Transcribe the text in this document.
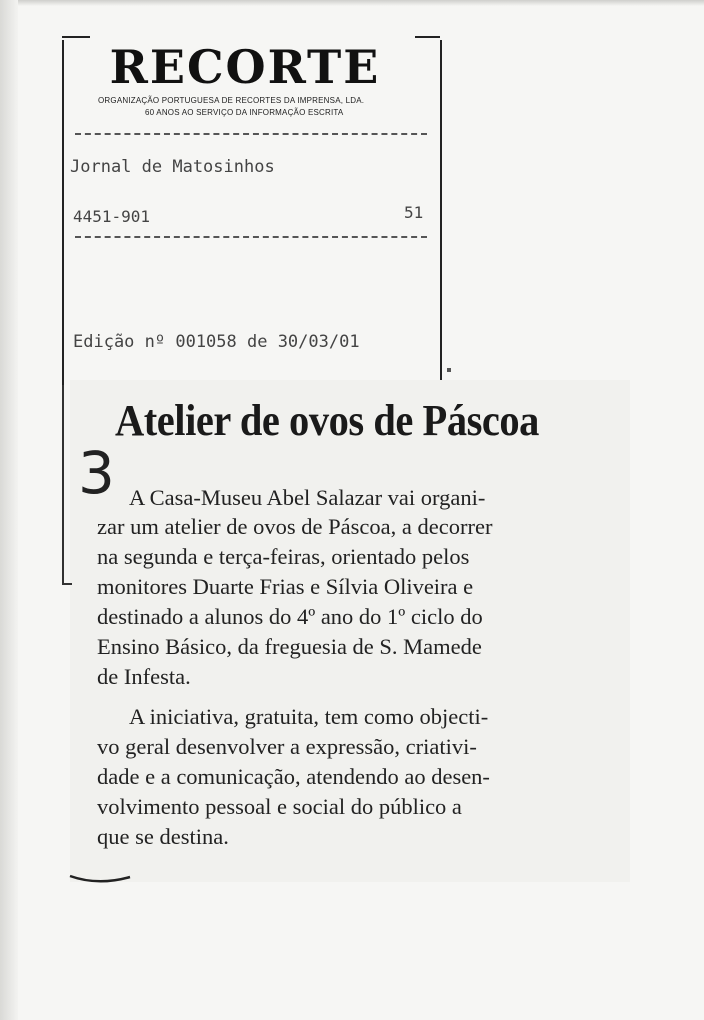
RECORTE
ORGANIZAÇÃO PORTUGUESA DE RECORTES DA IMPRENSA, LDA.
60 ANOS AO SERVIÇO DA INFORMAÇÃO ESCRITA
Jornal de Matosinhos
4451-901	51
Edição nº 001058 de 30/03/01
Atelier de ovos de Páscoa
3 A Casa-Museu Abel Salazar vai organi-
zar um atelier de ovos de Páscoa, a decorrer
na segunda e terça-feiras, orientado pelos
monitores Duarte Frias e Sílvia Oliveira e
destinado a alunos do 4º ano do 1º ciclo do
Ensino Básico, da freguesia de S. Mamede
de Infesta.
A iniciativa, gratuita, tem como objecti-
vo geral desenvolver a expressão, criativi-
dade e a comunicação, atendendo ao desen-
volvimento pessoal e social do público a
que se destina.
